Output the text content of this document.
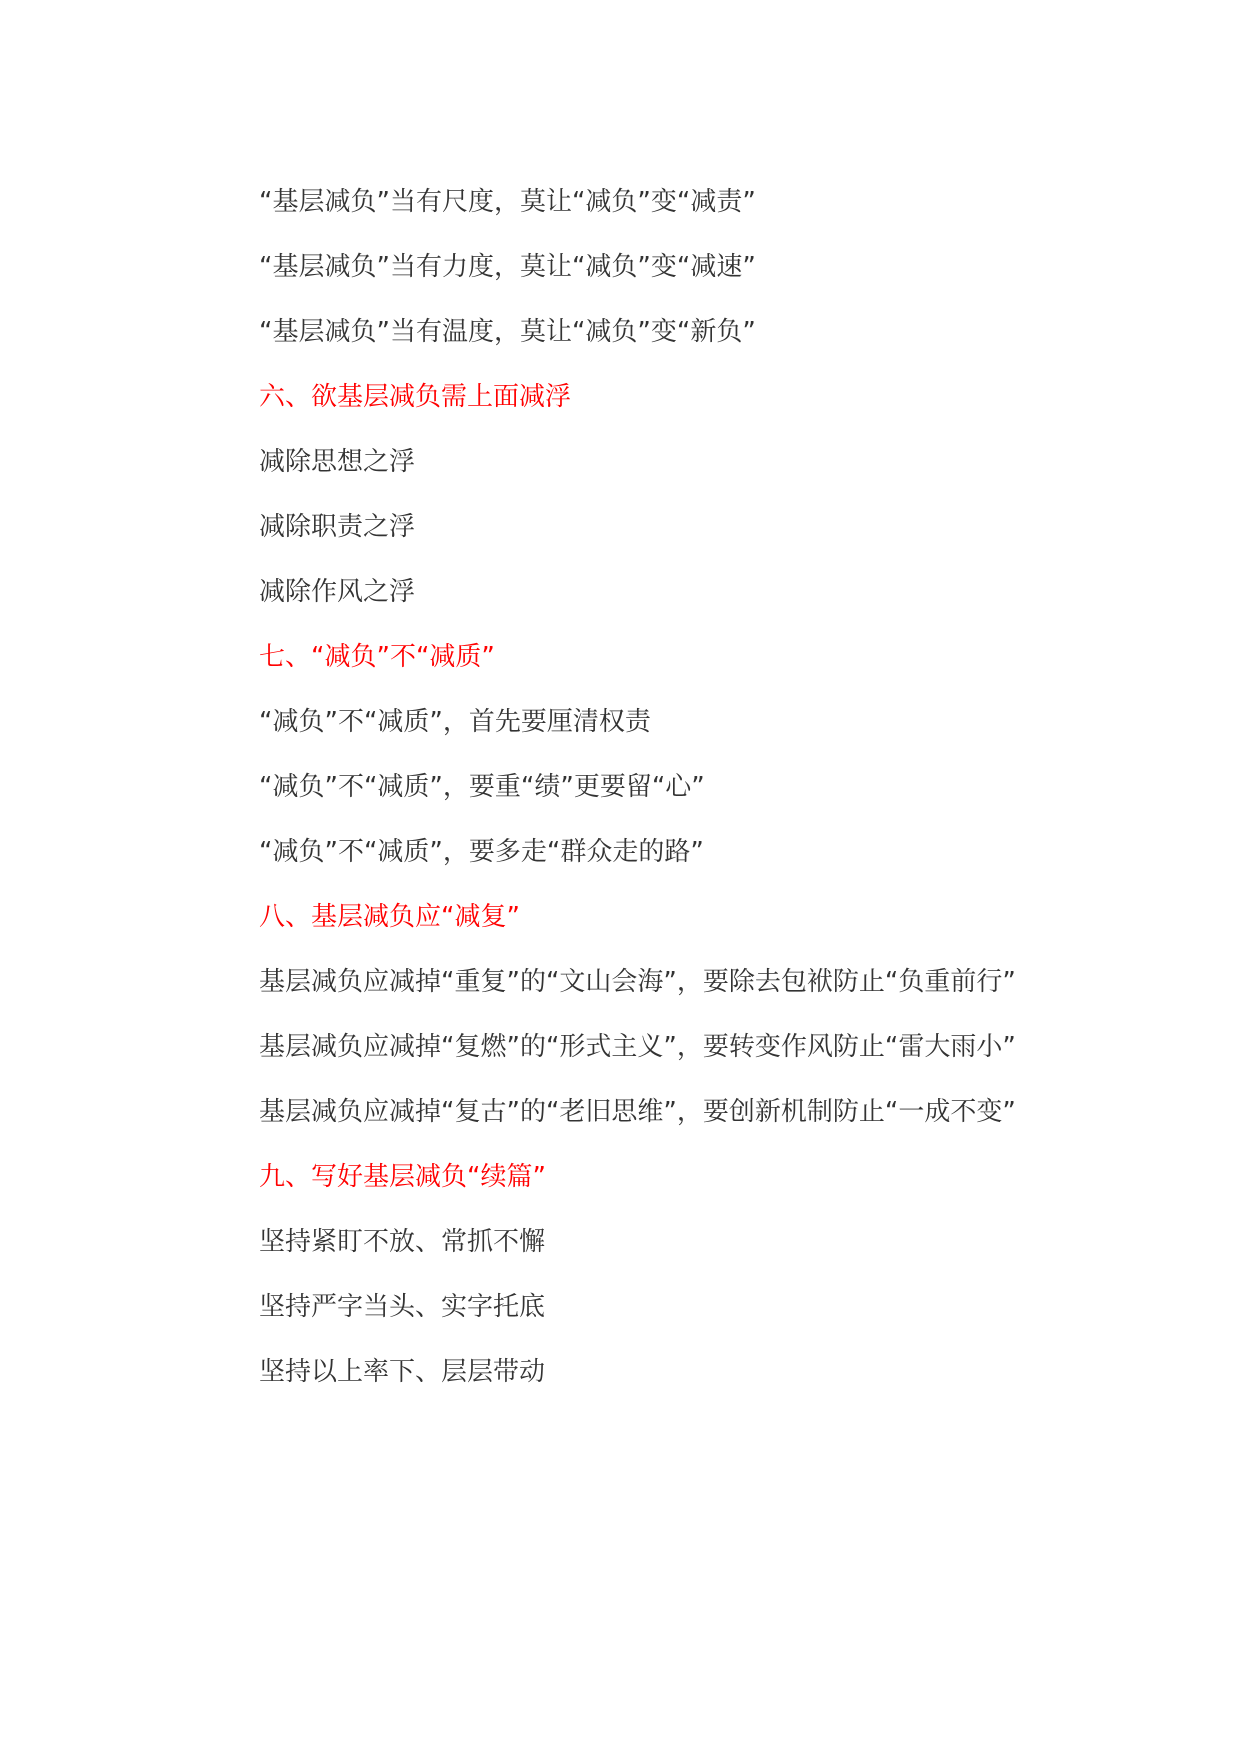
“基层减负”当有尺度，莫让“减负”变“减责”

“基层减负”当有力度，莫让“减负”变“减速”

“基层减负”当有温度，莫让“减负”变“新负”

六、欲基层减负需上面减浮

减除思想之浮

减除职责之浮

减除作风之浮

七、“减负”不“减质”

“减负”不“减质”，首先要厘清权责

“减负”不“减质”，要重“绩”更要留“心”

“减负”不“减质”，要多走“群众走的路”

八、基层减负应“减复”

基层减负应减掉“重复”的“文山会海”，要除去包袱防止“负重前行”

基层减负应减掉“复燃”的“形式主义”，要转变作风防止“雷大雨小”

基层减负应减掉“复古”的“老旧思维”，要创新机制防止“一成不变”

九、写好基层减负“续篇”

坚持紧盯不放、常抓不懈

坚持严字当头、实字托底

坚持以上率下、层层带动
